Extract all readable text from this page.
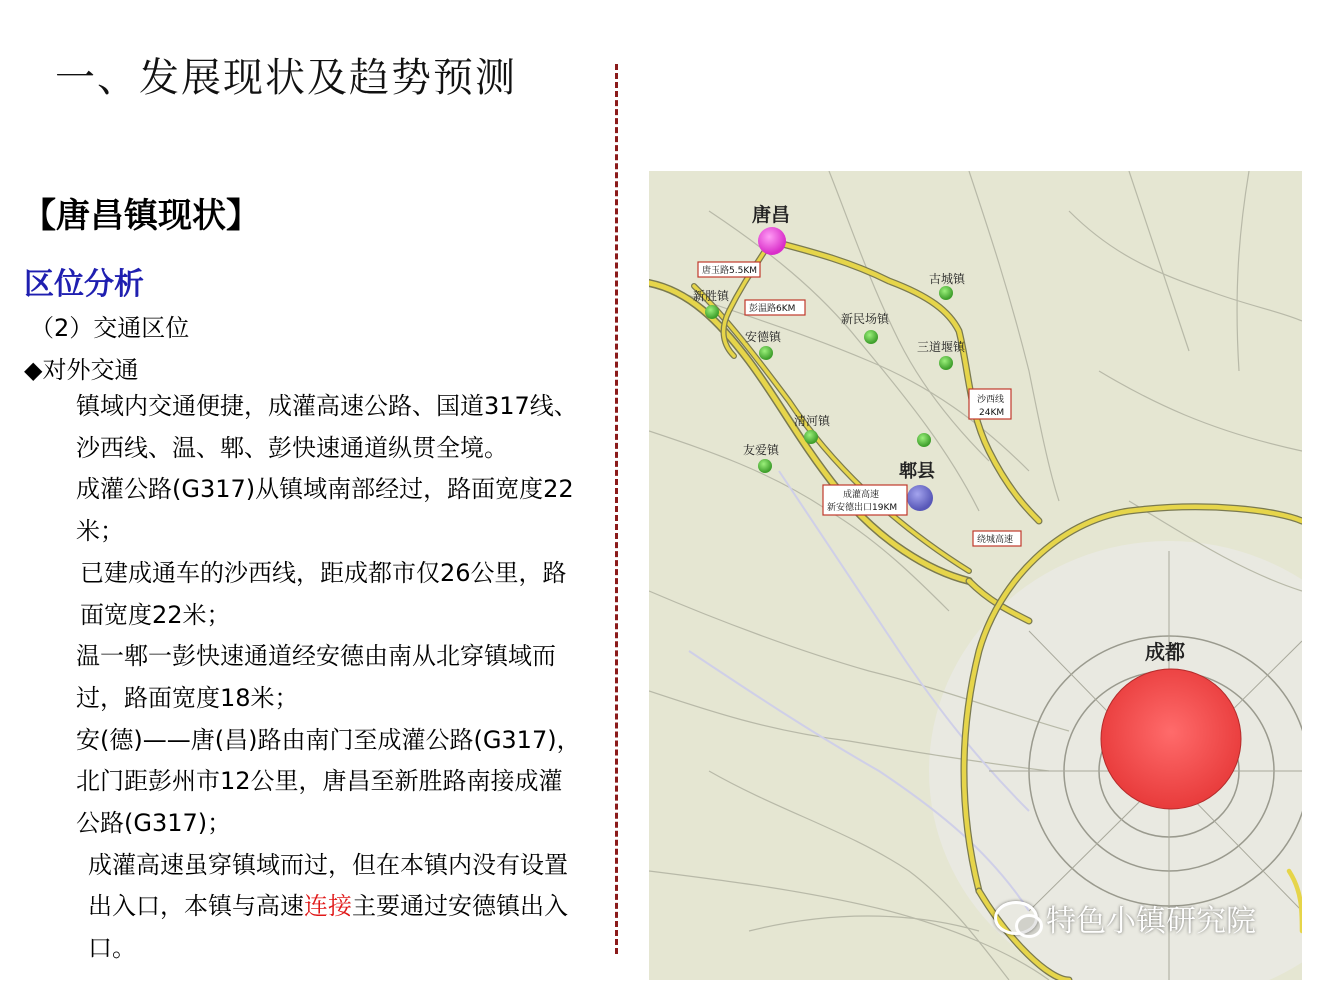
一、发展现状及趋势预测
【唐昌镇现状】
区位分析
（2）交通区位
◆对外交通

镇域内交通便捷，成灌高速公路、国道317线、沙西线、温、郫、彭快速通道纵贯全境。

成灌公路(G317)从镇域南部经过，路面宽度22米；

已建成通车的沙西线，距成都市仅26公里，路面宽度22米；

温一郫一彭快速通道经安德由南从北穿镇域而过，路面宽度18米；

安(德)——唐(昌)路由南门至成灌公路(G317)，北门距彭州市12公里，唐昌至新胜路南接成灌公路(G317)；

成灌高速虽穿镇域而过，但在本镇内没有设置出入口，本镇与高速连接主要通过安德镇出入口。

唐昌
新胜镇
安德镇
新民场镇
古城镇
三道堰镇
清河镇
友爱镇
郫县
成都
唐玉路5.5KM
彭温路6KM
沙西线
24KM
成灌高速
新安德出口19KM
绕城高速
特色小镇研究院
